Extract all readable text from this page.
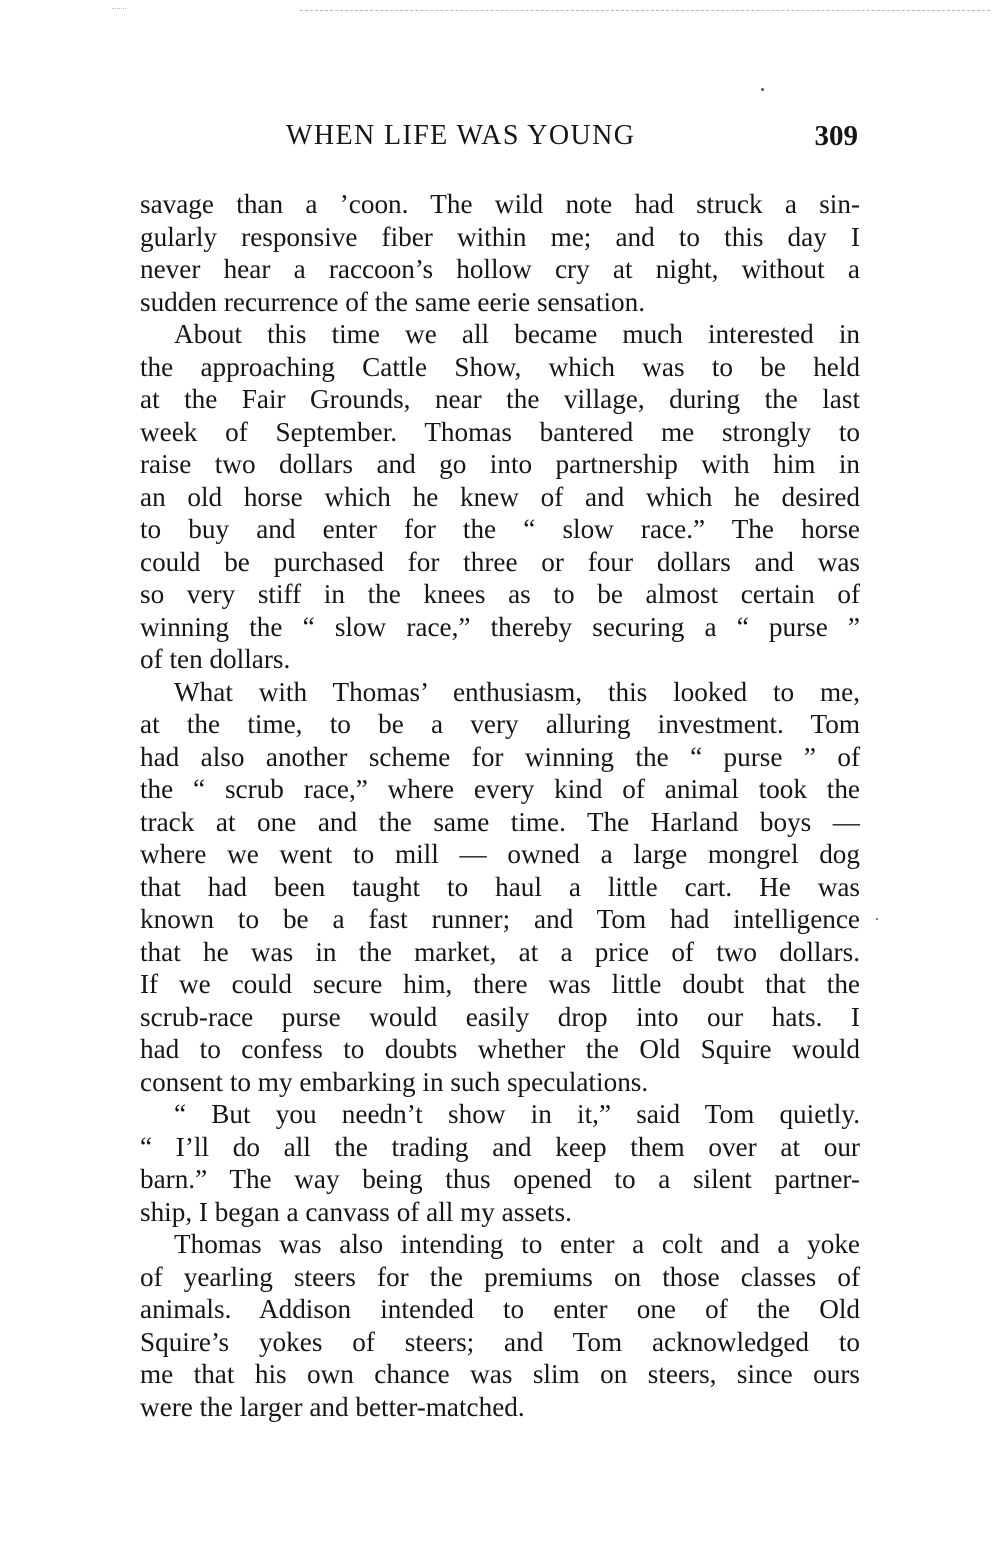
WHEN LIFE WAS YOUNG	309
savage than a ’coon. The wild note had struck a sin-
gularly responsive fiber within me; and to this day I
never hear a raccoon’s hollow cry at night, without a
sudden recurrence of the same eerie sensation.
About this time we all became much interested in
the approaching Cattle Show, which was to be held
at the Fair Grounds, near the village, during the last
week of September. Thomas bantered me strongly to
raise two dollars and go into partnership with him in
an old horse which he knew of and which he desired
to buy and enter for the “ slow race.” The horse
could be purchased for three or four dollars and was
so very stiff in the knees as to be almost certain of
winning the “ slow race,” thereby securing a “ purse ”
of ten dollars.
What with Thomas’ enthusiasm, this looked to me,
at the time, to be a very alluring investment. Tom
had also another scheme for winning the “ purse ” of
the “ scrub race,” where every kind of animal took the
track at one and the same time. The Harland boys —
where we went to mill — owned a large mongrel dog
that had been taught to haul a little cart. He was
known to be a fast runner; and Tom had intelligence
that he was in the market, at a price of two dollars.
If we could secure him, there was little doubt that the
scrub-race purse would easily drop into our hats. I
had to confess to doubts whether the Old Squire would
consent to my embarking in such speculations.
“ But you needn’t show in it,” said Tom quietly.
“ I’ll do all the trading and keep them over at our
barn.” The way being thus opened to a silent partner-
ship, I began a canvass of all my assets.
Thomas was also intending to enter a colt and a yoke
of yearling steers for the premiums on those classes of
animals. Addison intended to enter one of the Old
Squire’s yokes of steers; and Tom acknowledged to
me that his own chance was slim on steers, since ours
were the larger and better-matched.
